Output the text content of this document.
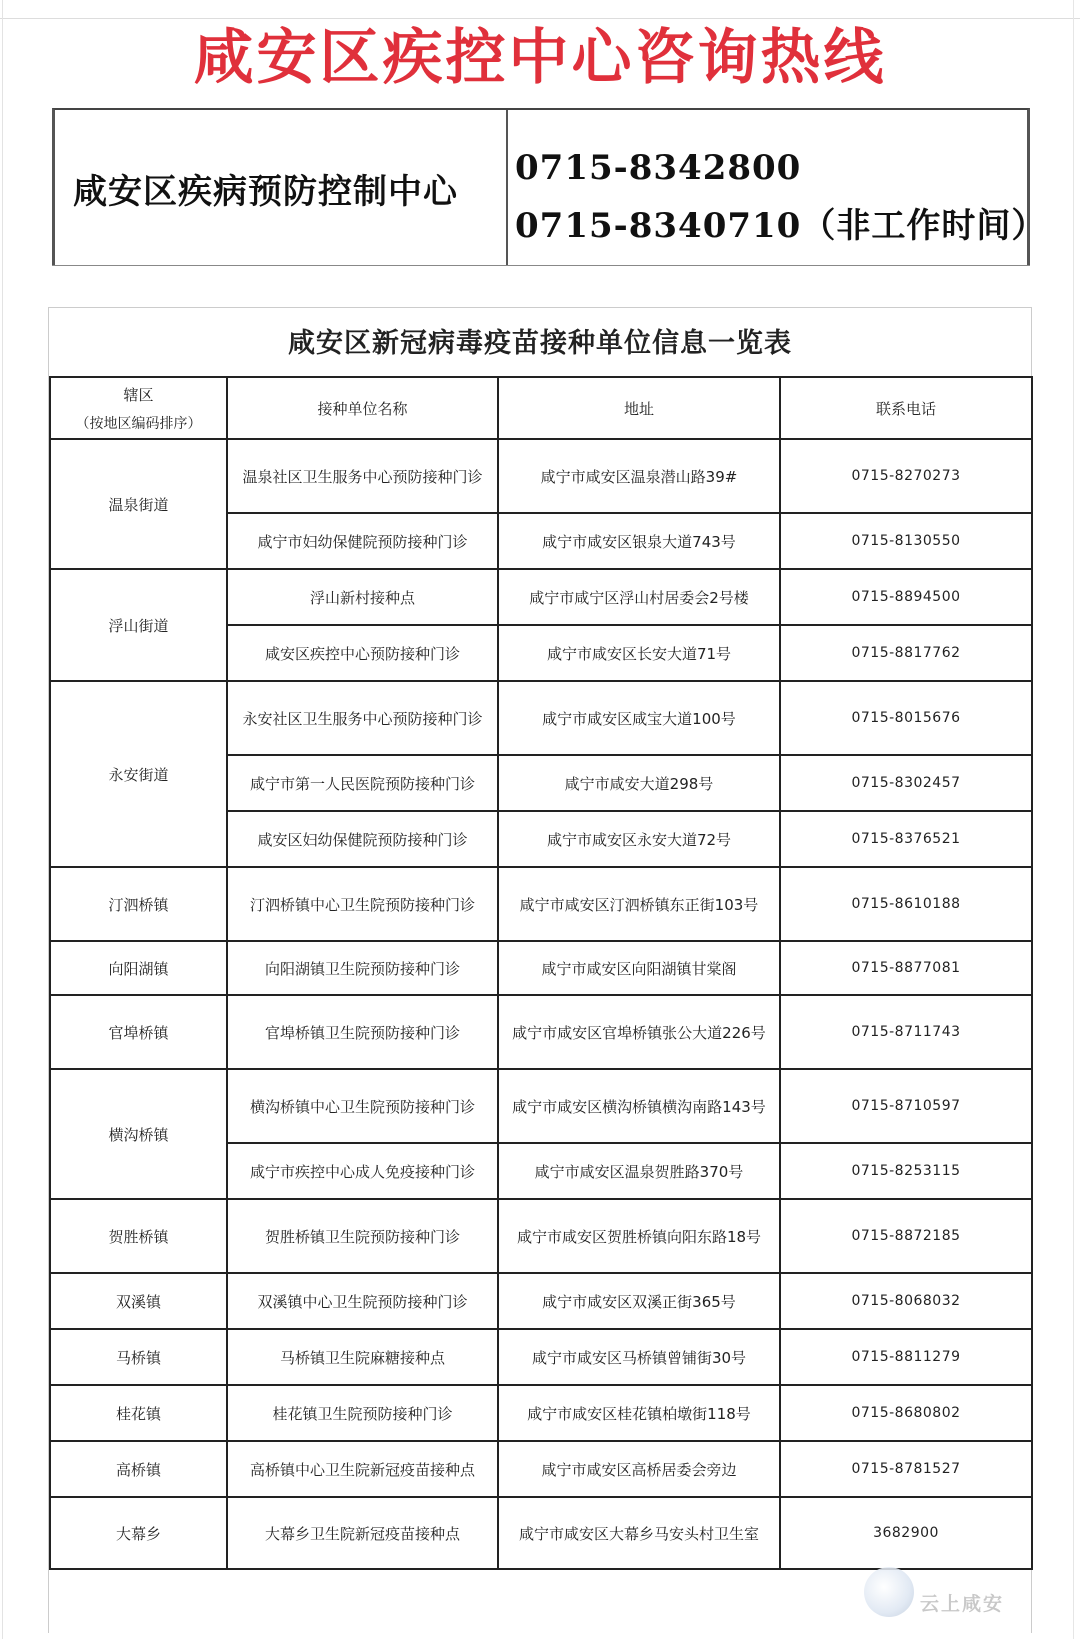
咸安区疾控中心咨询热线
咸安区疾病预防控制中心
0715-8342800
0715-8340710（非工作时间）
咸安区新冠病毒疫苗接种单位信息一览表
辖区
（按地区编码排序）	接种单位名称	地址	联系电话
温泉街道	温泉社区卫生服务中心预防接种门诊	咸宁市咸安区温泉潜山路39#	0715-8270273
	咸宁市妇幼保健院预防接种门诊	咸宁市咸安区银泉大道743号	0715-8130550
浮山街道	浮山新村接种点	咸宁市咸宁区浮山村居委会2号楼	0715-8894500
	咸安区疾控中心预防接种门诊	咸宁市咸安区长安大道71号	0715-8817762
永安街道	永安社区卫生服务中心预防接种门诊	咸宁市咸安区咸宝大道100号	0715-8015676
	咸宁市第一人民医院预防接种门诊	咸宁市咸安大道298号	0715-8302457
	咸安区妇幼保健院预防接种门诊	咸宁市咸安区永安大道72号	0715-8376521
汀泗桥镇	汀泗桥镇中心卫生院预防接种门诊	咸宁市咸安区汀泗桥镇东正街103号	0715-8610188
向阳湖镇	向阳湖镇卫生院预防接种门诊	咸宁市咸安区向阳湖镇甘棠阁	0715-8877081
官埠桥镇	官埠桥镇卫生院预防接种门诊	咸宁市咸安区官埠桥镇张公大道226号	0715-8711743
横沟桥镇	横沟桥镇中心卫生院预防接种门诊	咸宁市咸安区横沟桥镇横沟南路143号	0715-8710597
	咸宁市疾控中心成人免疫接种门诊	咸宁市咸安区温泉贺胜路370号	0715-8253115
贺胜桥镇	贺胜桥镇卫生院预防接种门诊	咸宁市咸安区贺胜桥镇向阳东路18号	0715-8872185
双溪镇	双溪镇中心卫生院预防接种门诊	咸宁市咸安区双溪正街365号	0715-8068032
马桥镇	马桥镇卫生院麻糖接种点	咸宁市咸安区马桥镇曾铺街30号	0715-8811279
桂花镇	桂花镇卫生院预防接种门诊	咸宁市咸安区桂花镇柏墩街118号	0715-8680802
高桥镇	高桥镇中心卫生院新冠疫苗接种点	咸宁市咸安区高桥居委会旁边	0715-8781527
大幕乡	大幕乡卫生院新冠疫苗接种点	咸宁市咸安区大幕乡马安头村卫生室	3682900
云上咸安
